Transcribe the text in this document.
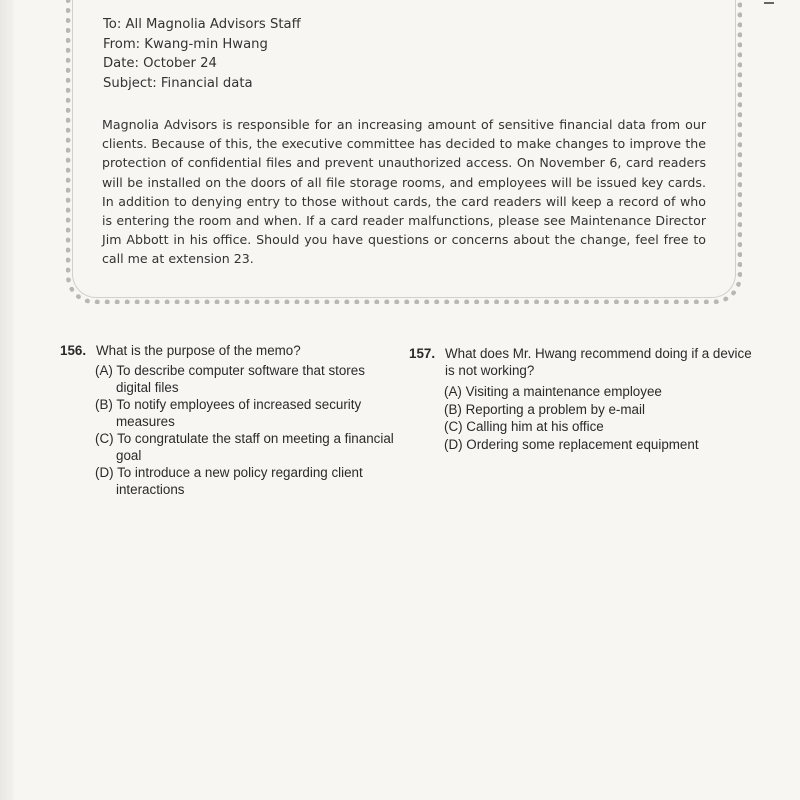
To: All Magnolia Advisors Staff
From: Kwang-min Hwang
Date: October 24
Subject: Financial data

Magnolia Advisors is responsible for an increasing amount of sensitive financial data from our clients. Because of this, the executive committee has decided to make changes to improve the protection of confidential files and prevent unauthorized access. On November 6, card readers will be installed on the doors of all file storage rooms, and employees will be issued key cards. In addition to denying entry to those without cards, the card readers will keep a record of who is entering the room and when. If a card reader malfunctions, please see Maintenance Director Jim Abbott in his office. Should you have questions or concerns about the change, feel free to call me at extension 23.

156. What is the purpose of the memo?
(A) To describe computer software that stores digital files
(B) To notify employees of increased security measures
(C) To congratulate the staff on meeting a financial goal
(D) To introduce a new policy regarding client interactions
157. What does Mr. Hwang recommend doing if a device is not working?
(A) Visiting a maintenance employee
(B) Reporting a problem by e-mail
(C) Calling him at his office
(D) Ordering some replacement equipment
